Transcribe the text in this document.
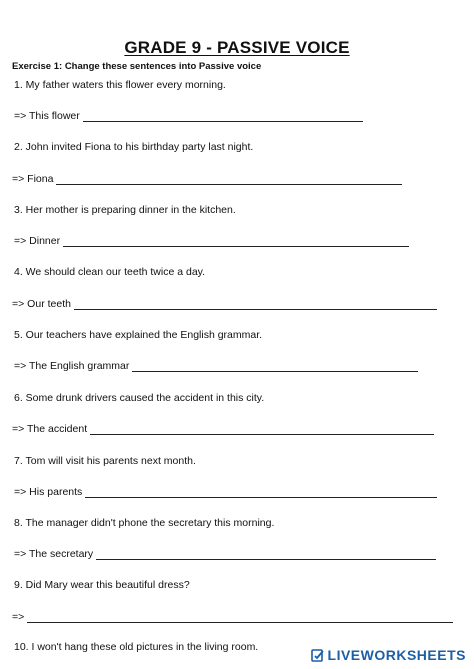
GRADE 9 - PASSIVE VOICE
Exercise 1: Change these sentences into Passive voice
1. My father waters this flower every morning.
=> This flower
2. John invited Fiona to his birthday party last night.
=> Fiona
3. Her mother is preparing dinner in the kitchen.
=> Dinner
4. We should clean our teeth twice a day.
=> Our teeth
5. Our teachers have explained the English grammar.
=> The English grammar
6. Some drunk drivers caused the accident in this city.
=> The accident
7. Tom will visit his parents next month.
=> His parents
8. The manager didn't phone the secretary this morning.
=> The secretary
9. Did Mary wear this beautiful dress?
=>
10. I won't hang these old pictures in the living room.	LIVEWORKSHEETS
